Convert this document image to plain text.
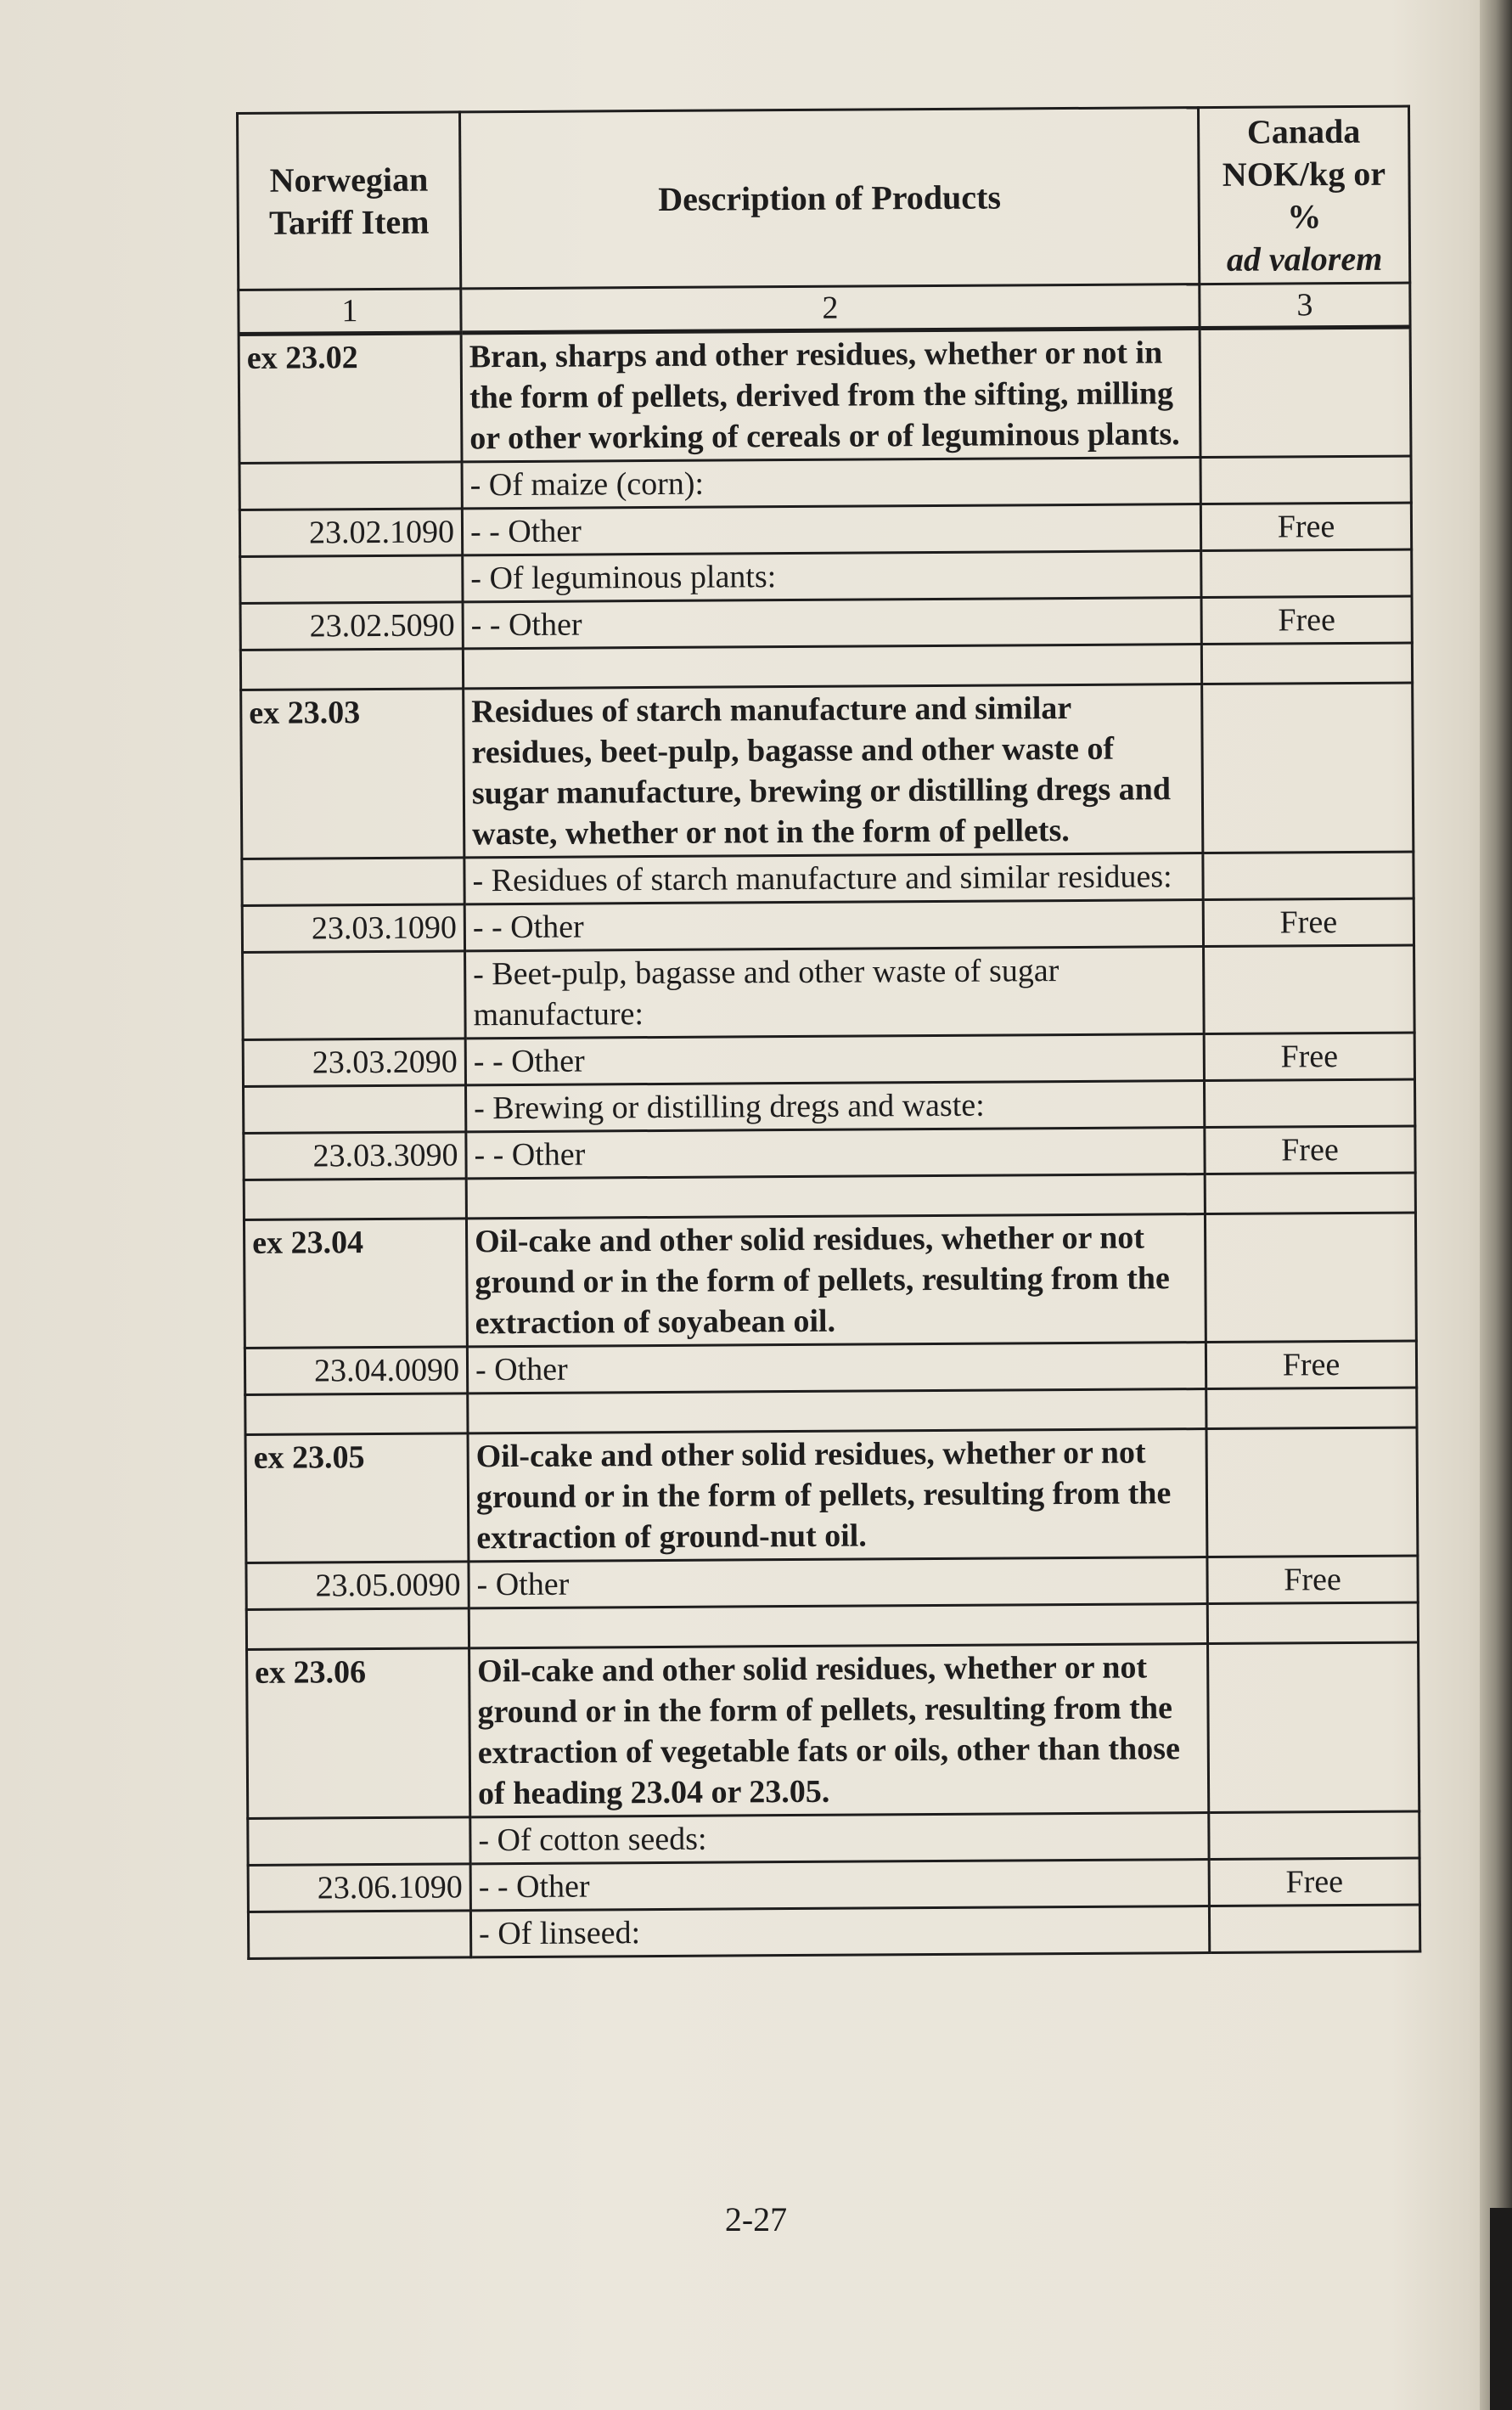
Norwegian Tariff Item	Description of Products	Canada
NOK/kg or
%
ad valorem

1	2	3
ex 23.02	Bran, sharps and other residues, whether or not in the form of pellets, derived from the sifting, milling or other working of cereals or of leguminous plants.	
	- Of maize (corn):	
23.02.1090	- - Other	Free
	- Of leguminous plants:	
23.02.5090	- - Other	Free

ex 23.03	Residues of starch manufacture and similar residues, beet-pulp, bagasse and other waste of sugar manufacture, brewing or distilling dregs and waste, whether or not in the form of pellets.	
	- Residues of starch manufacture and similar residues:	
23.03.1090	- - Other	Free
	- Beet-pulp, bagasse and other waste of sugar manufacture:	
23.03.2090	- - Other	Free
	- Brewing or distilling dregs and waste:	
23.03.3090	- - Other	Free

ex 23.04	Oil-cake and other solid residues, whether or not ground or in the form of pellets, resulting from the extraction of soyabean oil.	
23.04.0090	- Other	Free

ex 23.05	Oil-cake and other solid residues, whether or not ground or in the form of pellets, resulting from the extraction of ground-nut oil.	
23.05.0090	- Other	Free

ex 23.06	Oil-cake and other solid residues, whether or not ground or in the form of pellets, resulting from the extraction of vegetable fats or oils, other than those of heading 23.04 or 23.05.	
	- Of cotton seeds:	
23.06.1090	- - Other	Free
	- Of linseed:	
2-27
